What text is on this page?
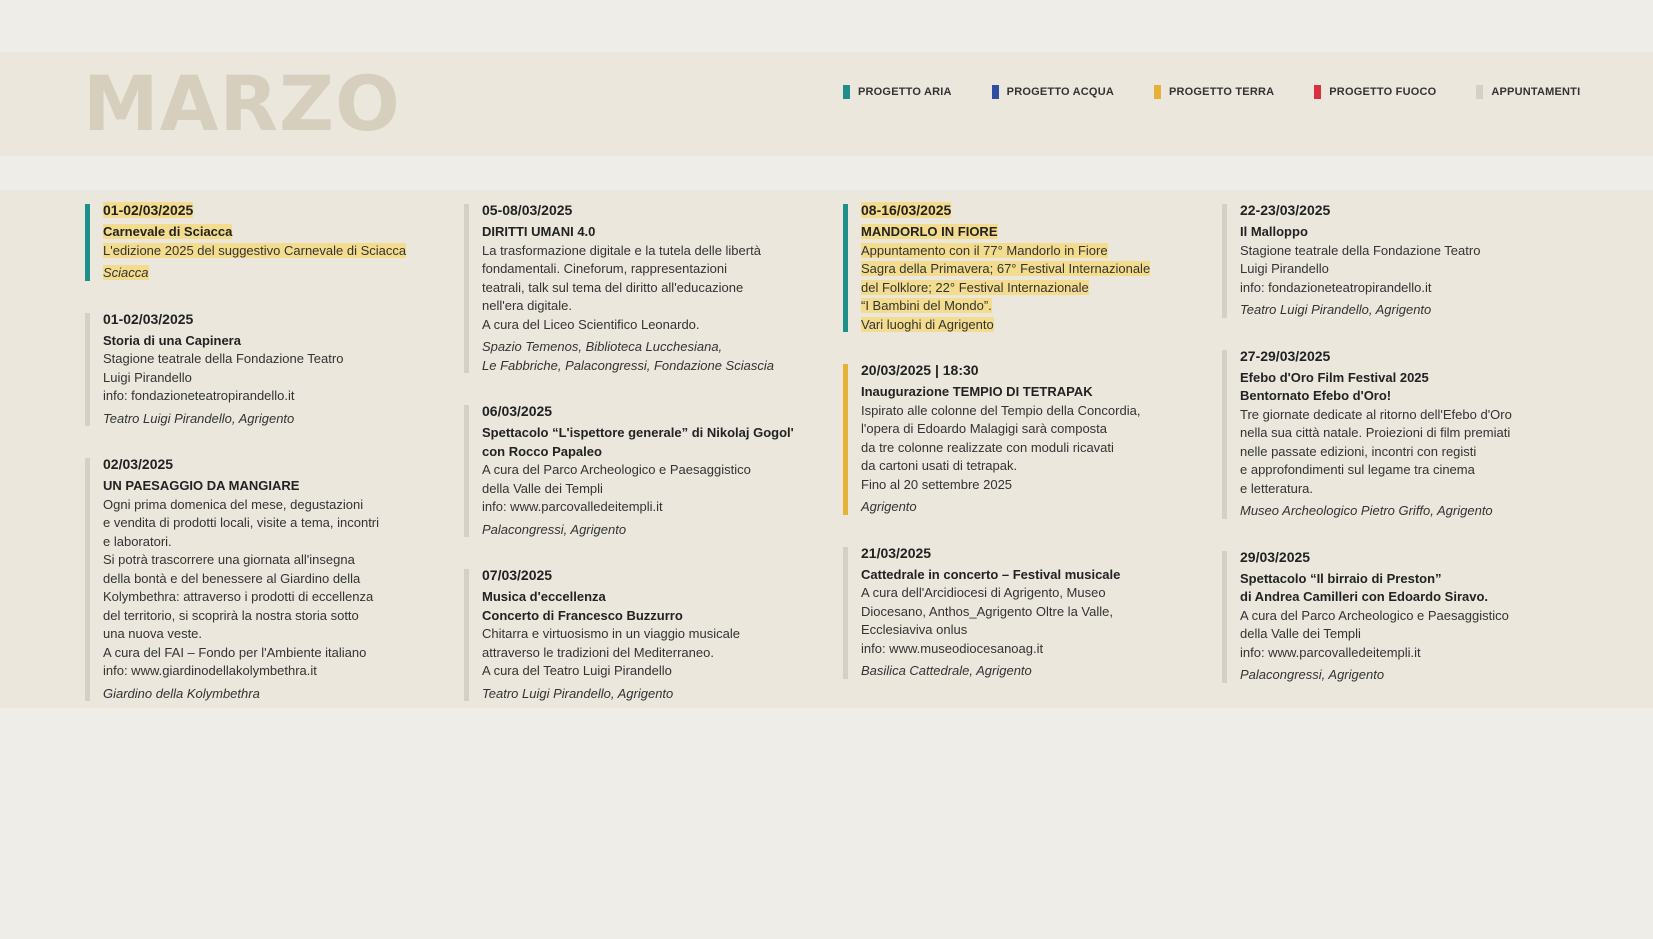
MARZO	PROGETTO ARIA	PROGETTO ACQUA	PROGETTO TERRA	PROGETTO FUOCO	APPUNTAMENTI
01-02/03/2025
Carnevale di Sciacca
L'edizione 2025 del suggestivo Carnevale di Sciacca
Sciacca
01-02/03/2025
Storia di una Capinera
Stagione teatrale della Fondazione Teatro
Luigi Pirandello
info: fondazioneteatropirandello.it
Teatro Luigi Pirandello, Agrigento
02/03/2025
UN PAESAGGIO DA MANGIARE
Ogni prima domenica del mese, degustazioni
e vendita di prodotti locali, visite a tema, incontri
e laboratori.
Si potrà trascorrere una giornata all'insegna
della bontà e del benessere al Giardino della
Kolymbethra: attraverso i prodotti di eccellenza
del territorio, si scoprirà la nostra storia sotto
una nuova veste.
A cura del FAI – Fondo per l'Ambiente italiano
info: www.giardinodellakolymbethra.it
Giardino della Kolymbethra
05-08/03/2025
DIRITTI UMANI 4.0
La trasformazione digitale e la tutela delle libertà
fondamentali. Cineforum, rappresentazioni
teatrali, talk sul tema del diritto all'educazione
nell'era digitale.
A cura del Liceo Scientifico Leonardo.
Spazio Temenos, Biblioteca Lucchesiana,
Le Fabbriche, Palacongressi, Fondazione Sciascia
06/03/2025
Spettacolo “L'ispettore generale” di Nikolaj Gogol'
con Rocco Papaleo
A cura del Parco Archeologico e Paesaggistico
della Valle dei Templi
info: www.parcovalledeitempli.it
Palacongressi, Agrigento
07/03/2025
Musica d'eccellenza
Concerto di Francesco Buzzurro
Chitarra e virtuosismo in un viaggio musicale
attraverso le tradizioni del Mediterraneo.
A cura del Teatro Luigi Pirandello
Teatro Luigi Pirandello, Agrigento
08-16/03/2025
MANDORLO IN FIORE
Appuntamento con il 77° Mandorlo in Fiore
Sagra della Primavera; 67° Festival Internazionale
del Folklore; 22° Festival Internazionale
“I Bambini del Mondo”.
Vari luoghi di Agrigento
20/03/2025 | 18:30
Inaugurazione TEMPIO DI TETRAPAK
Ispirato alle colonne del Tempio della Concordia,
l'opera di Edoardo Malagigi sarà composta
da tre colonne realizzate con moduli ricavati
da cartoni usati di tetrapak.
Fino al 20 settembre 2025
Agrigento
21/03/2025
Cattedrale in concerto – Festival musicale
A cura dell'Arcidiocesi di Agrigento, Museo
Diocesano, Anthos_Agrigento Oltre la Valle,
Ecclesiaviva onlus
info: www.museodiocesanoag.it
Basilica Cattedrale, Agrigento
22-23/03/2025
Il Malloppo
Stagione teatrale della Fondazione Teatro
Luigi Pirandello
info: fondazioneteatropirandello.it
Teatro Luigi Pirandello, Agrigento
27-29/03/2025
Efebo d'Oro Film Festival 2025
Bentornato Efebo d'Oro!
Tre giornate dedicate al ritorno dell'Efebo d'Oro
nella sua città natale. Proiezioni di film premiati
nelle passate edizioni, incontri con registi
e approfondimenti sul legame tra cinema
e letteratura.
Museo Archeologico Pietro Griffo, Agrigento
29/03/2025
Spettacolo “Il birraio di Preston”
di Andrea Camilleri con Edoardo Siravo.
A cura del Parco Archeologico e Paesaggistico
della Valle dei Templi
info: www.parcovalledeitempli.it
Palacongressi, Agrigento
